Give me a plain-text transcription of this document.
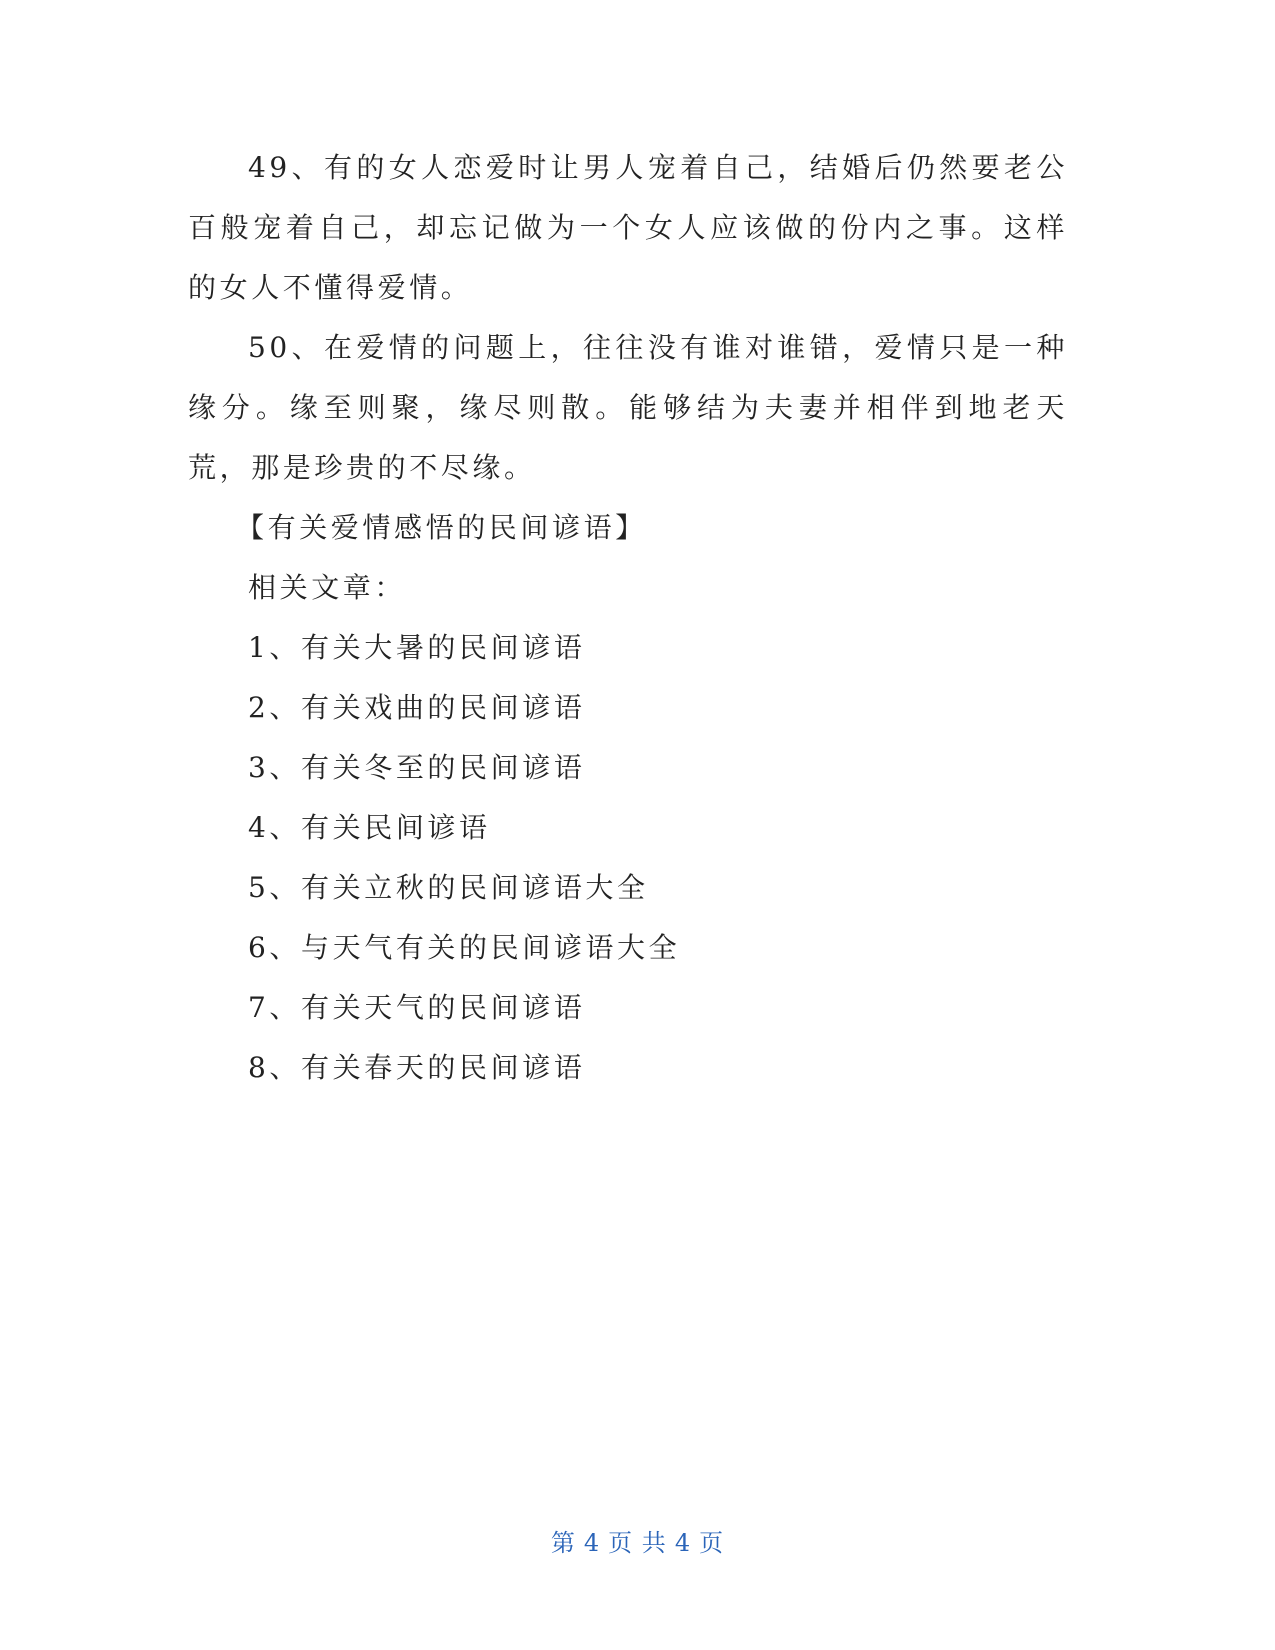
49、有的女人恋爱时让男人宠着自己，结婚后仍然要老公百般宠着自己，却忘记做为一个女人应该做的份内之事。这样的女人不懂得爱情。

50、在爱情的问题上，往往没有谁对谁错，爱情只是一种缘分。缘至则聚，缘尽则散。能够结为夫妻并相伴到地老天荒，那是珍贵的不尽缘。

【有关爱情感悟的民间谚语】

相关文章：

1、有关大暑的民间谚语

2、有关戏曲的民间谚语

3、有关冬至的民间谚语

4、有关民间谚语

5、有关立秋的民间谚语大全

6、与天气有关的民间谚语大全

7、有关天气的民间谚语

8、有关春天的民间谚语

第 4 页 共 4 页
